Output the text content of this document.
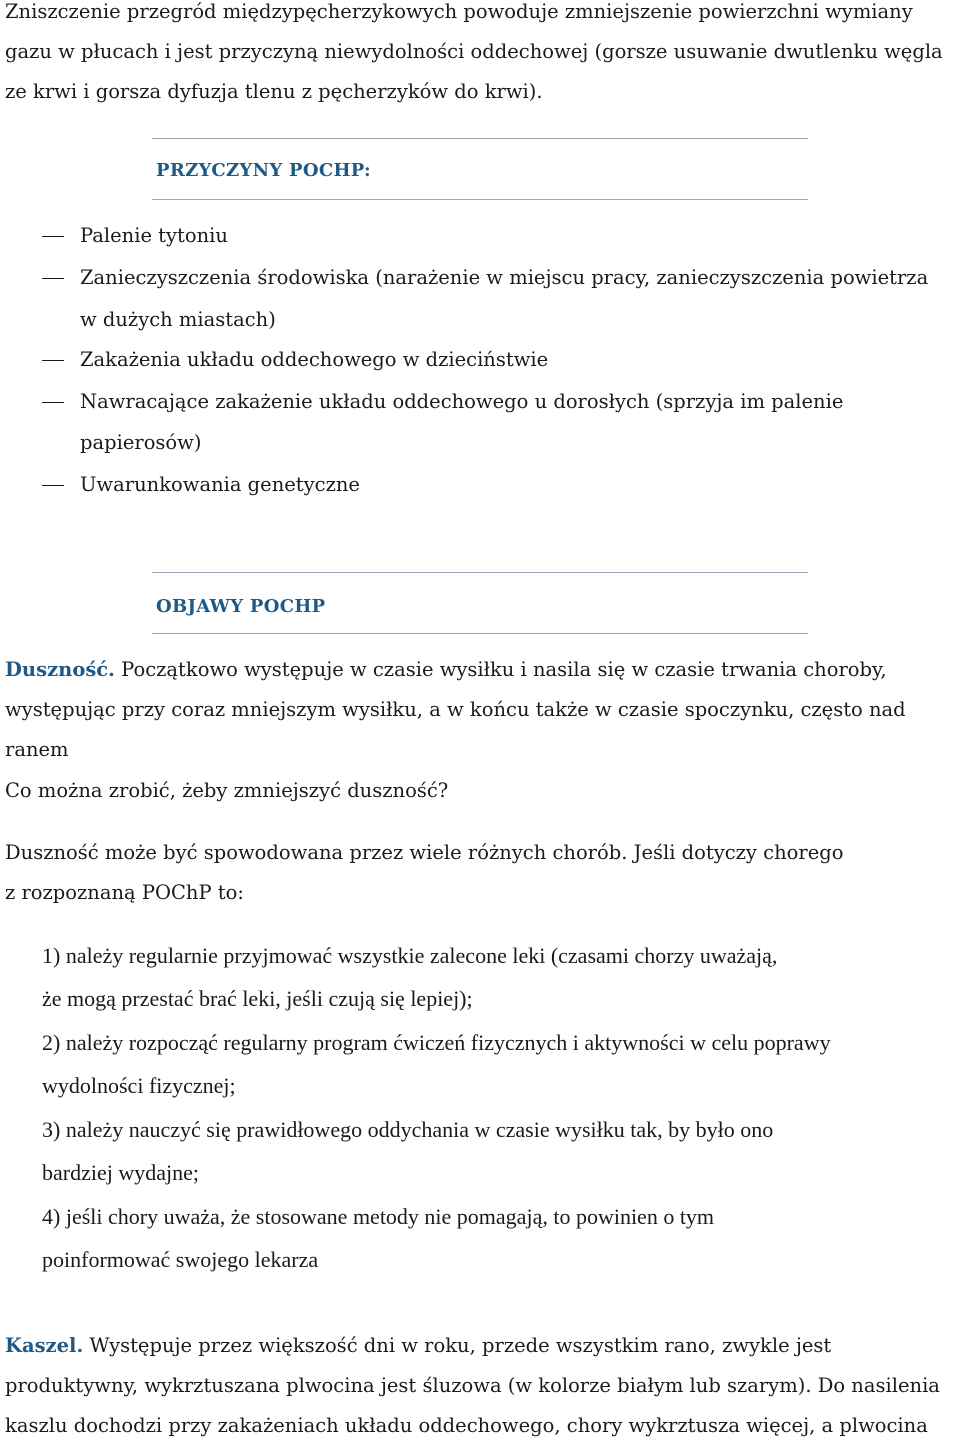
Zniszczenie przegród międzypęcherzykowych powoduje zmniejszenie powierzchni wymiany
gazu w płucach i jest przyczyną niewydolności oddechowej (gorsze usuwanie dwutlenku węgla
ze krwi i gorsza dyfuzja tlenu z pęcherzyków do krwi).
PRZYCZYNY POCHP:
Palenie tytoniu
Zanieczyszczenia środowiska (narażenie w miejscu pracy, zanieczyszczenia powietrza
w dużych miastach)
Zakażenia układu oddechowego w dzieciństwie
Nawracające zakażenie układu oddechowego u dorosłych (sprzyja im palenie
papierosów)
Uwarunkowania genetyczne
OBJAWY POCHP
Duszność. Początkowo występuje w czasie wysiłku i nasila się w czasie trwania choroby,
występując przy coraz mniejszym wysiłku, a w końcu także w czasie spoczynku, często nad
ranem
Co można zrobić, żeby zmniejszyć duszność?
Duszność może być spowodowana przez wiele różnych chorób. Jeśli dotyczy chorego
z rozpoznaną POChP to:
1) należy regularnie przyjmować wszystkie zalecone leki (czasami chorzy uważają,
że mogą przestać brać leki, jeśli czują się lepiej);
2) należy rozpocząć regularny program ćwiczeń fizycznych i aktywności w celu poprawy
wydolności fizycznej;
3) należy nauczyć się prawidłowego oddychania w czasie wysiłku tak, by było ono
bardziej wydajne;
4) jeśli chory uważa, że stosowane metody nie pomagają, to powinien o tym
poinformować swojego lekarza
Kaszel. Występuje przez większość dni w roku, przede wszystkim rano, zwykle jest
produktywny, wykrztuszana plwocina jest śluzowa (w kolorze białym lub szarym). Do nasilenia
kaszlu dochodzi przy zakażeniach układu oddechowego, chory wykrztusza więcej, a plwocina
